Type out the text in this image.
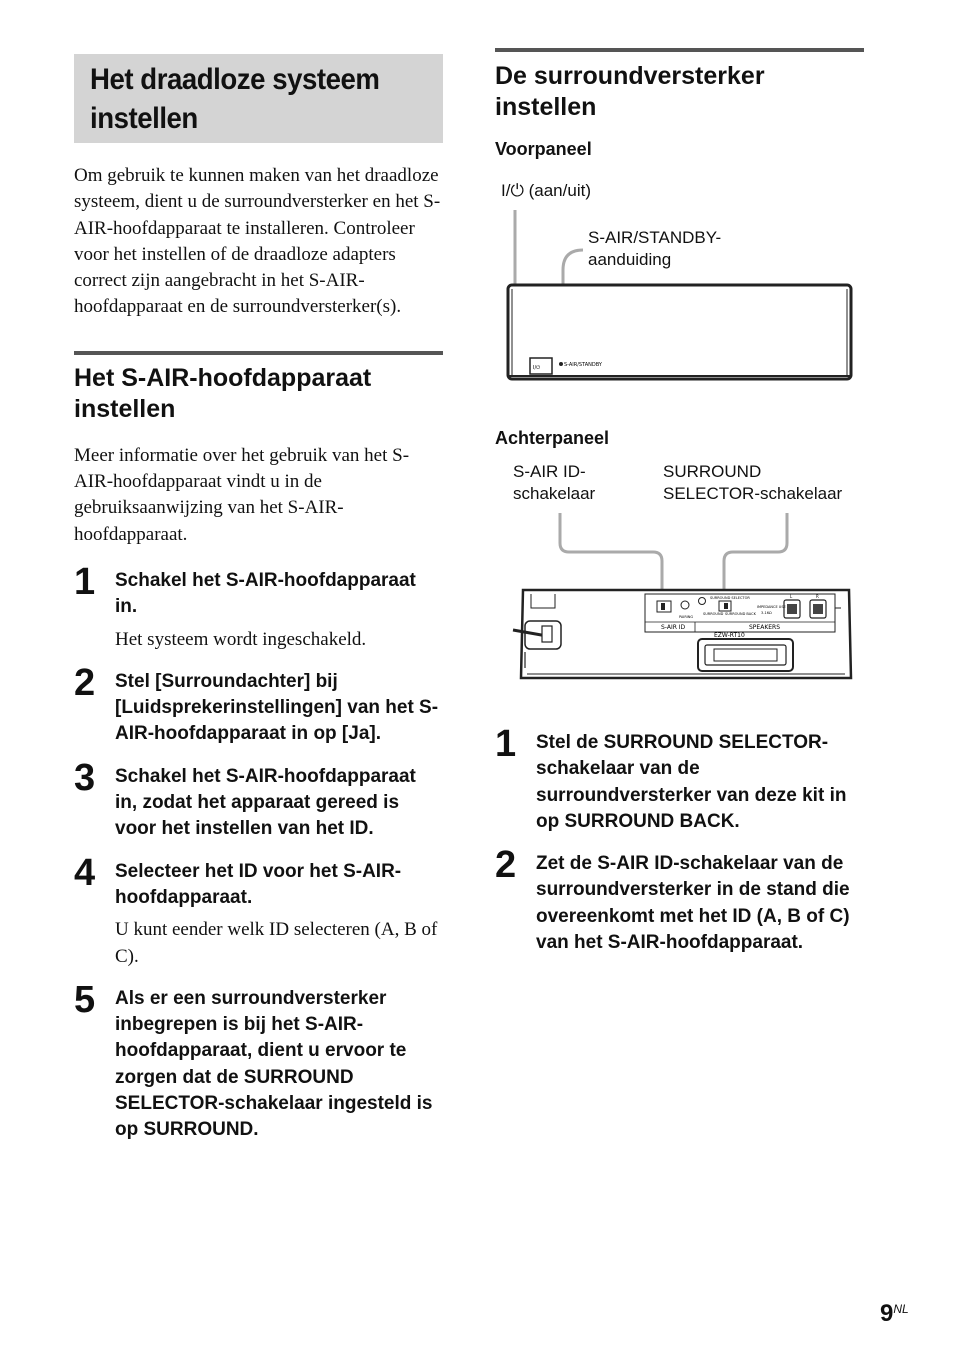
Het draadloze systeem instellen

Om gebruik te kunnen maken van het draadloze systeem, dient u de surroundversterker en het S-AIR-hoofdapparaat te installeren. Controleer voor het instellen of de draadloze adapters correct zijn aangebracht in het S-AIR-hoofdapparaat en de surroundversterker(s).

Het S-AIR-hoofdapparaat instellen

Meer informatie over het gebruik van het S-AIR-hoofdapparaat vindt u in de gebruiksaanwijzing van het S-AIR-hoofdapparaat.

1 Schakel het S-AIR-hoofdapparaat in.

Het systeem wordt ingeschakeld.

2 Stel [Surroundachter] bij [Luidsprekerinstellingen] van het S-AIR-hoofdapparaat in op [Ja].

3 Schakel het S-AIR-hoofdapparaat in, zodat het apparaat gereed is voor het instellen van het ID.

4 Selecteer het ID voor het S-AIR-hoofdapparaat.

U kunt eender welk ID selecteren (A, B of C).

5 Als er een surroundversterker inbegrepen is bij het S-AIR-hoofdapparaat, dient u ervoor te zorgen dat de SURROUND SELECTOR-schakelaar ingesteld is op SURROUND.

De surroundversterker instellen
Voorpaneel
I/⏻ (aan/uit)
S-AIR/STANDBY-
aanduiding
I/⏻	S-AIR/STANDBY
Achterpaneel
S-AIR ID-
schakelaar
SURROUND
SELECTOR-schakelaar
S-AIR ID	SPEAKERS
PAIRING
SURROUND SELECTOR
SURROUND SURROUND BACK
IMPEDANCE USE
3-16Ω
L	R
EZW-RT10
1 Stel de SURROUND SELECTOR-schakelaar van de surroundversterker van deze kit in op SURROUND BACK.

2 Zet de S-AIR ID-schakelaar van de surroundversterker in de stand die overeenkomt met het ID (A, B of C) van het S-AIR-hoofdapparaat.

$9^{NL}$
